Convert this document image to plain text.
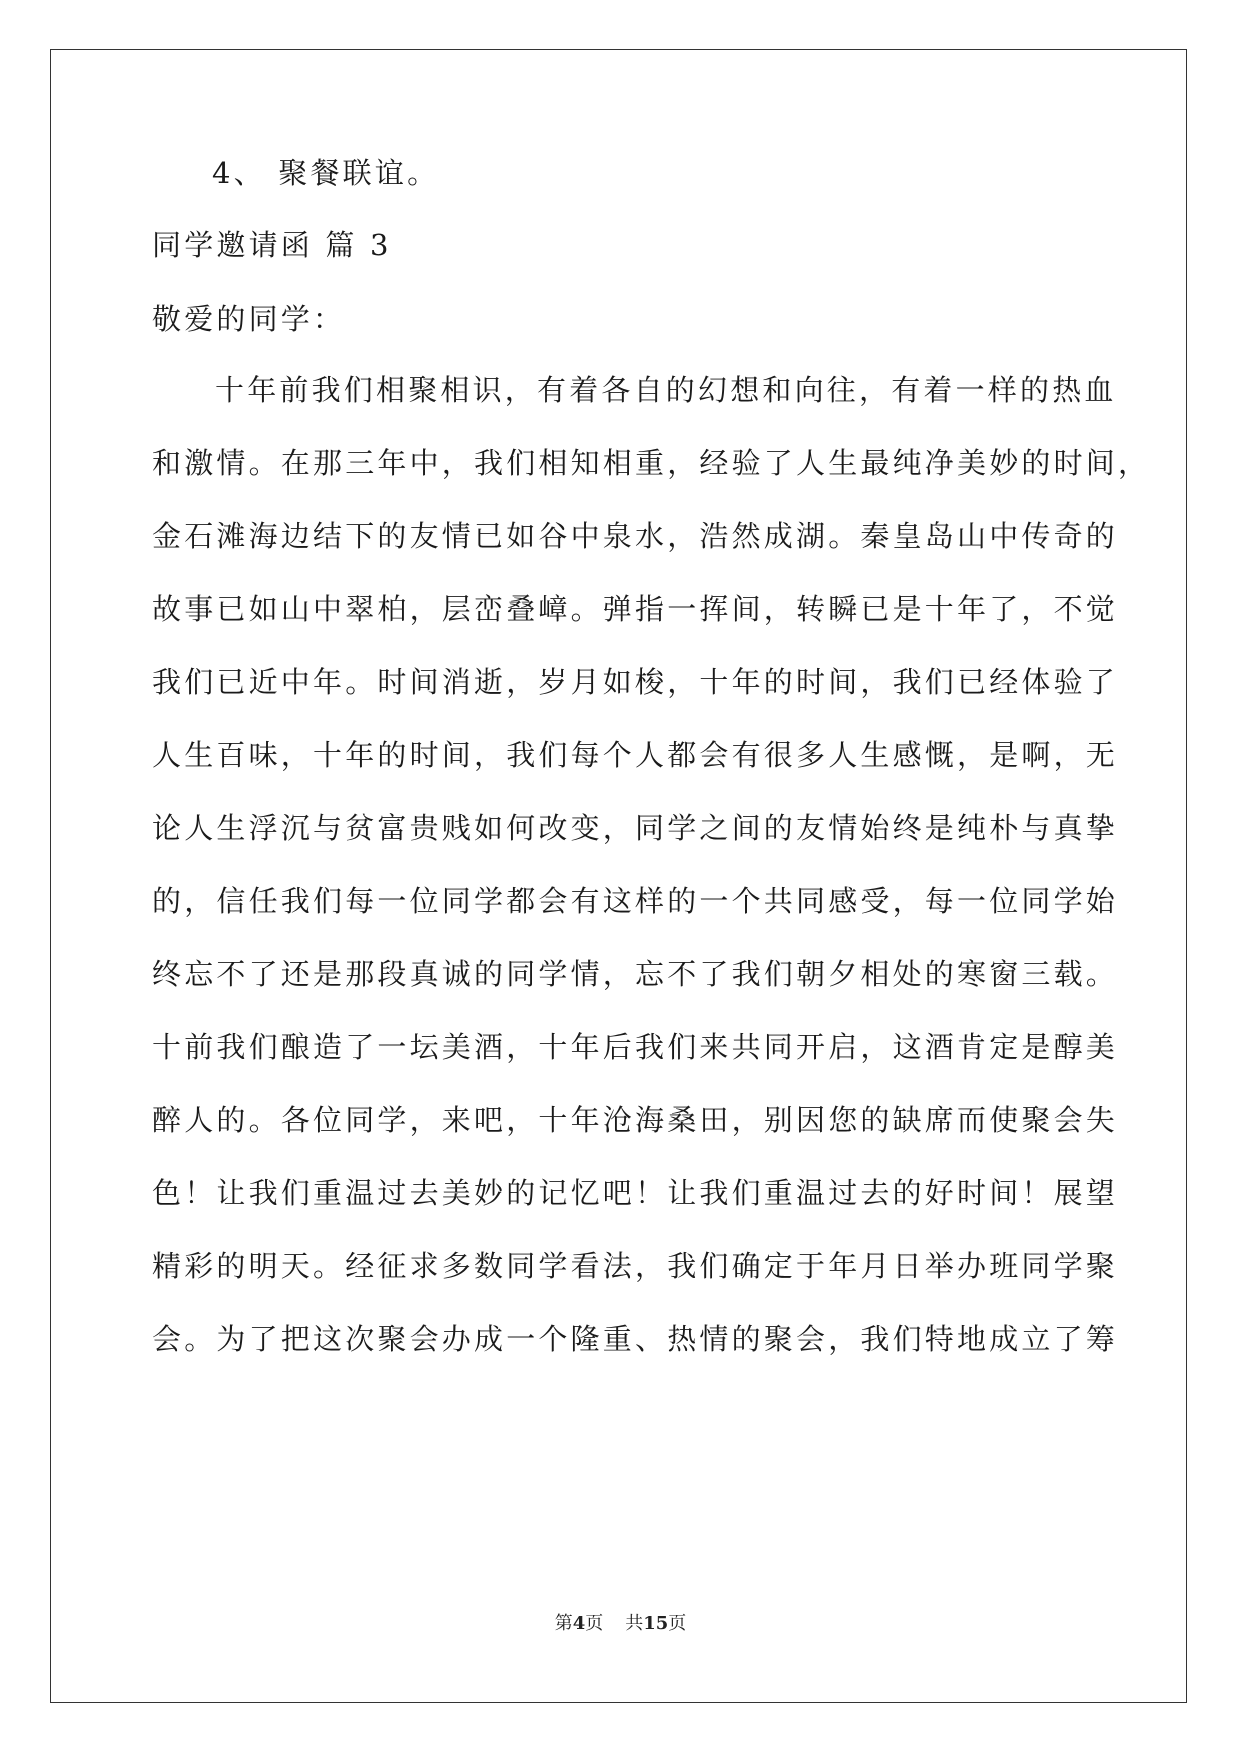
4、 聚餐联谊。
同学邀请函 篇 3
敬爱的同学：
十年前我们相聚相识，有着各自的幻想和向往，有着一样的热血
和激情。在那三年中，我们相知相重，经验了人生最纯净美妙的时间，
金石滩海边结下的友情已如谷中泉水，浩然成湖。秦皇岛山中传奇的
故事已如山中翠柏，层峦叠嶂。弹指一挥间，转瞬已是十年了，不觉
我们已近中年。时间消逝，岁月如梭，十年的时间，我们已经体验了
人生百味，十年的时间，我们每个人都会有很多人生感慨，是啊，无
论人生浮沉与贫富贵贱如何改变，同学之间的友情始终是纯朴与真挚
的，信任我们每一位同学都会有这样的一个共同感受，每一位同学始
终忘不了还是那段真诚的同学情，忘不了我们朝夕相处的寒窗三载。
十前我们酿造了一坛美酒，十年后我们来共同开启，这酒肯定是醇美
醉人的。各位同学，来吧，十年沧海桑田，别因您的缺席而使聚会失
色！让我们重温过去美妙的记忆吧！让我们重温过去的好时间！展望
精彩的明天。经征求多数同学看法，我们确定于年月日举办班同学聚
会。为了把这次聚会办成一个隆重、热情的聚会，我们特地成立了筹
第4页 共15页
